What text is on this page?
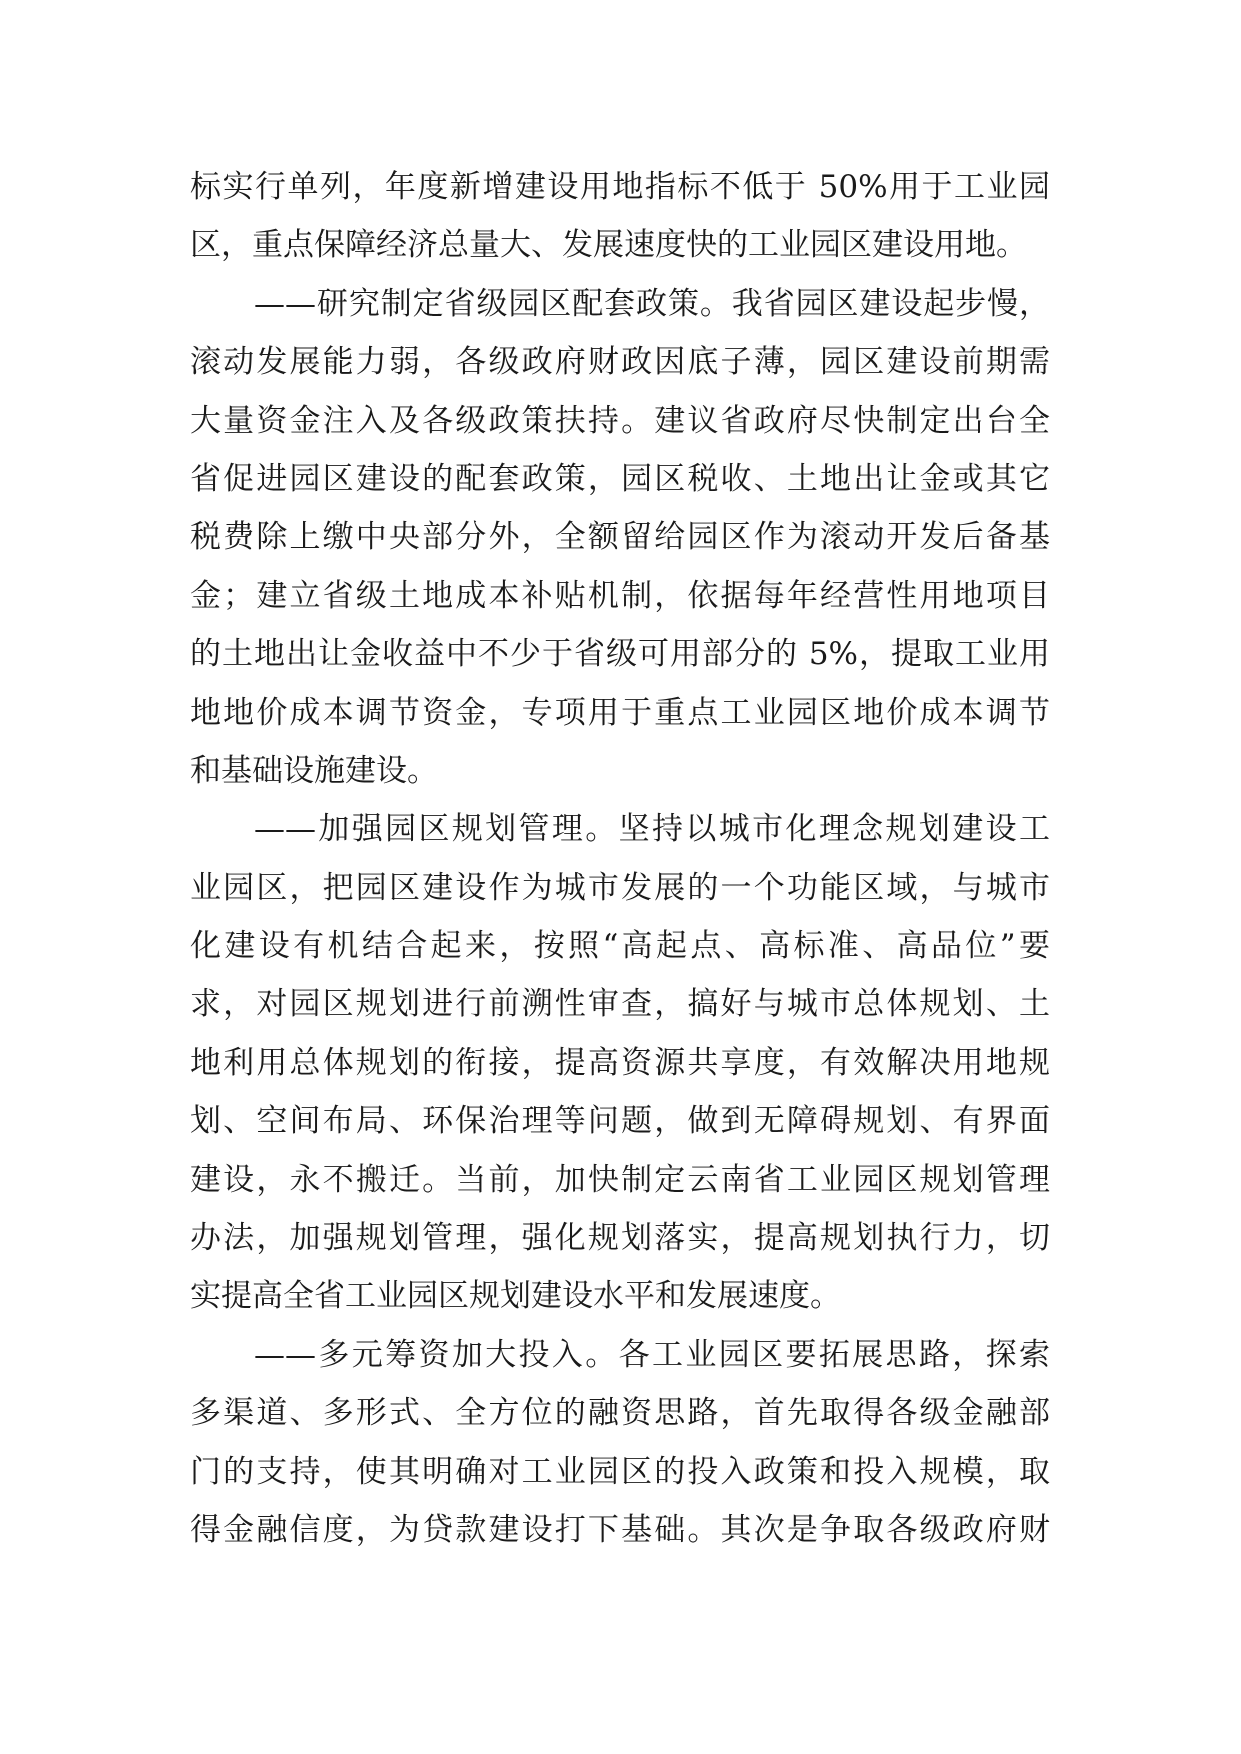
标实行单列，年度新增建设用地指标不低于 50%用于工业园
区，重点保障经济总量大、发展速度快的工业园区建设用地。
——研究制定省级园区配套政策。我省园区建设起步慢，
滚动发展能力弱，各级政府财政因底子薄，园区建设前期需
大量资金注入及各级政策扶持。建议省政府尽快制定出台全
省促进园区建设的配套政策，园区税收、土地出让金或其它
税费除上缴中央部分外，全额留给园区作为滚动开发后备基
金；建立省级土地成本补贴机制，依据每年经营性用地项目
的土地出让金收益中不少于省级可用部分的 5%，提取工业用
地地价成本调节资金，专项用于重点工业园区地价成本调节
和基础设施建设。
——加强园区规划管理。坚持以城市化理念规划建设工
业园区，把园区建设作为城市发展的一个功能区域，与城市
化建设有机结合起来，按照“高起点、高标准、高品位”要
求，对园区规划进行前溯性审查，搞好与城市总体规划、土
地利用总体规划的衔接，提高资源共享度，有效解决用地规
划、空间布局、环保治理等问题，做到无障碍规划、有界面
建设，永不搬迁。当前，加快制定云南省工业园区规划管理
办法，加强规划管理，强化规划落实，提高规划执行力，切
实提高全省工业园区规划建设水平和发展速度。
——多元筹资加大投入。各工业园区要拓展思路，探索
多渠道、多形式、全方位的融资思路，首先取得各级金融部
门的支持，使其明确对工业园区的投入政策和投入规模，取
得金融信度，为贷款建设打下基础。其次是争取各级政府财
